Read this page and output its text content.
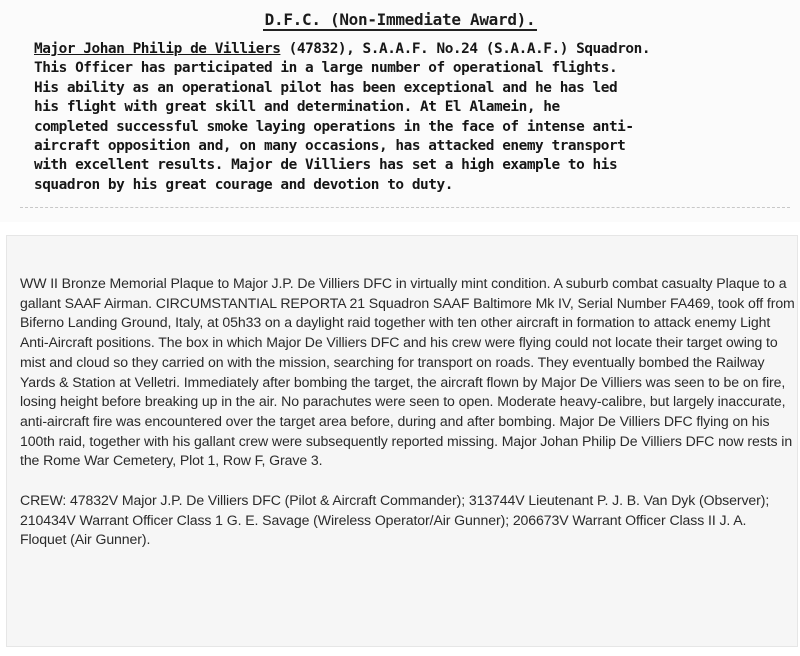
D.F.C. (Non-Immediate Award).
Major Johan Philip de Villiers (47832), S.A.A.F. No.24 (S.A.A.F.) Squadron.
This Officer has participated in a large number of operational flights.
His ability as an operational pilot has been exceptional and he has led
his flight with great skill and determination. At El Alamein, he
completed successful smoke laying operations in the face of intense anti-
aircraft opposition and, on many occasions, has attacked enemy transport
with excellent results. Major de Villiers has set a high example to his
squadron by his great courage and devotion to duty.

WW II Bronze Memorial Plaque to Major J.P. De Villiers DFC in virtually mint condition. A suburb combat casualty Plaque to a gallant SAAF Airman. CIRCUMSTANTIAL REPORTA 21 Squadron SAAF Baltimore Mk IV, Serial Number FA469, took off from Biferno Landing Ground, Italy, at 05h33 on a daylight raid together with ten other aircraft in formation to attack enemy Light Anti-Aircraft positions. The box in which Major De Villiers DFC and his crew were flying could not locate their target owing to mist and cloud so they carried on with the mission, searching for transport on roads. They eventually bombed the Railway Yards & Station at Velletri. Immediately after bombing the target, the aircraft flown by Major De Villiers was seen to be on fire, losing height before breaking up in the air. No parachutes were seen to open. Moderate heavy-calibre, but largely inaccurate, anti-aircraft fire was encountered over the target area before, during and after bombing. Major De Villiers DFC flying on his 100th raid, together with his gallant crew were subsequently reported missing. Major Johan Philip De Villiers DFC now rests in the Rome War Cemetery, Plot 1, Row F, Grave 3.

CREW: 47832V Major J.P. De Villiers DFC (Pilot & Aircraft Commander); 313744V Lieutenant P. J. B. Van Dyk (Observer); 210434V Warrant Officer Class 1 G. E. Savage (Wireless Operator/Air Gunner); 206673V Warrant Officer Class II J. A. Floquet (Air Gunner).
